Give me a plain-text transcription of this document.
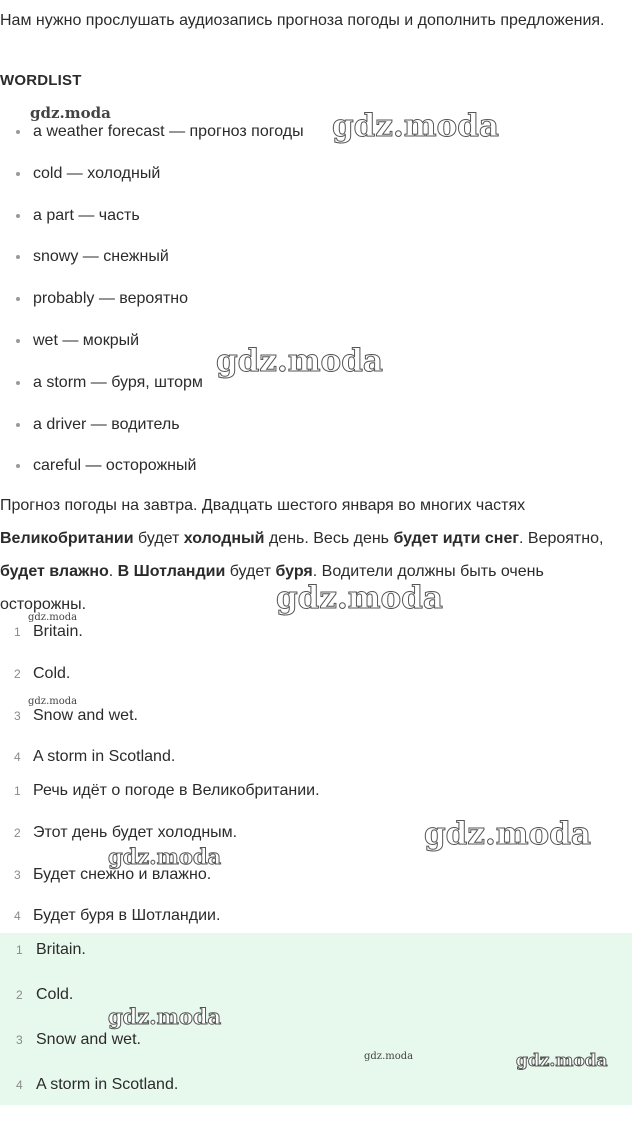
Нам нужно прослушать аудиозапись прогноза погоды и дополнить предложения.

WORDLIST
a weather forecast — прогноз погоды
cold — холодный
a part — часть
snowy — снежный
probably — вероятно
wet — мокрый
a storm — буря, шторм
a driver — водитель
careful — осторожный

Прогноз погоды на завтра. Двадцать шестого января во многих частях Великобритании будет холодный день. Весь день будет идти снег. Вероятно, будет влажно. В Шотландии будет буря. Водители должны быть очень осторожны.

1 Britain.
2 Cold.
3 Snow and wet.
4 A storm in Scotland.
1 Речь идёт о погоде в Великобритании.
2 Этот день будет холодным.
3 Будет снежно и влажно.
4 Будет буря в Шотландии.
1 Britain.
2 Cold.
3 Snow and wet.
4 A storm in Scotland.
gdz.moda	gdz.moda
gdz.moda
gdz.moda
gdz.moda
gdz.moda
gdz.moda
gdz.moda
gdz.moda
gdz.moda	gdz.moda
